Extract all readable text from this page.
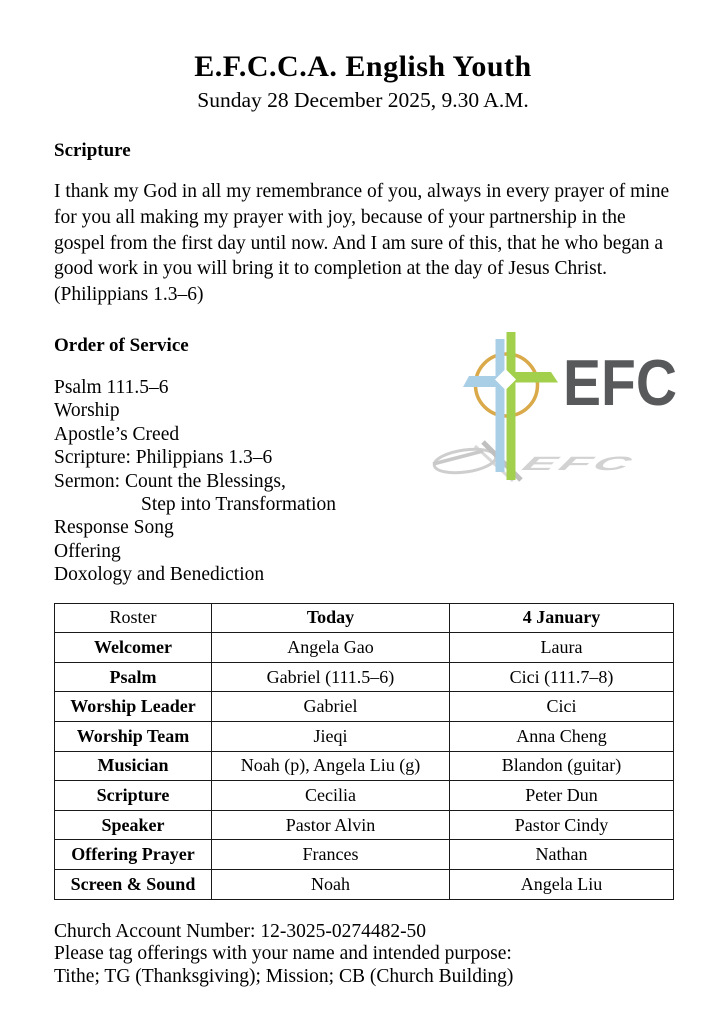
E.F.C.C.A. English Youth
Sunday 28 December 2025, 9.30 A.M.
Scripture
I thank my God in all my remembrance of you, always in every prayer of mine
for you all making my prayer with joy, because of your partnership in the
gospel from the first day until now. And I am sure of this, that he who began a
good work in you will bring it to completion at the day of Jesus Christ.
(Philippians 1.3–6)
Order of Service
Psalm 111.5–6
Worship
Apostle’s Creed
Scripture: Philippians 1.3–6
Sermon: Count the Blessings,
Step into Transformation
Response Song
Offering
Doxology and Benediction
Roster	Today	4 January
Welcomer	Angela Gao	Laura
Psalm	Gabriel (111.5–6)	Cici (111.7–8)
Worship Leader	Gabriel	Cici
Worship Team	Jieqi	Anna Cheng
Musician	Noah (p), Angela Liu (g)	Blandon (guitar)
Scripture	Cecilia	Peter Dun
Speaker	Pastor Alvin	Pastor Cindy
Offering Prayer	Frances	Nathan
Screen & Sound	Noah	Angela Liu
Church Account Number: 12-3025-0274482-50
Please tag offerings with your name and intended purpose:
Tithe; TG (Thanksgiving); Mission; CB (Church Building)
EFC
EFC
